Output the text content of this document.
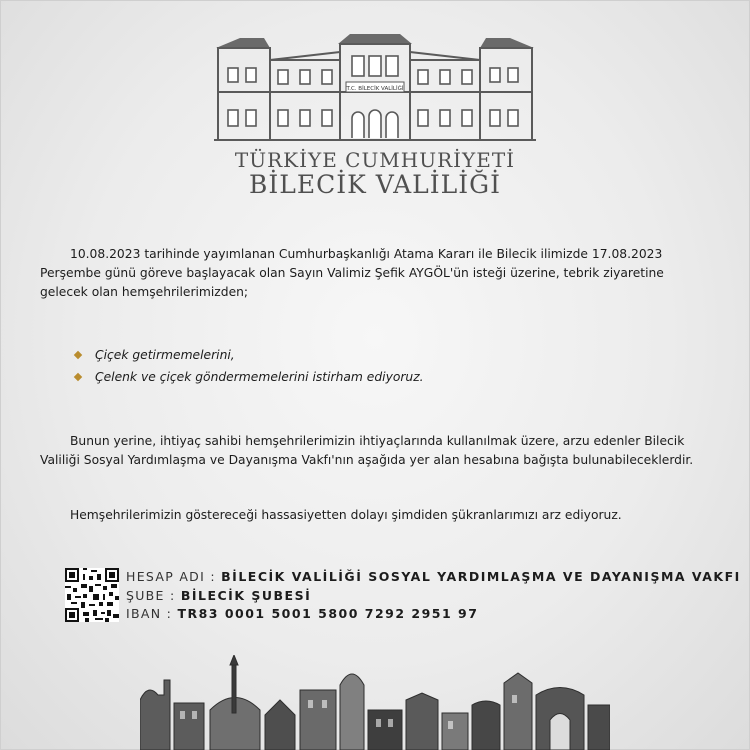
T.C. BİLECİK VALİLİĞİ
TÜRKİYE CUMHURİYETİ
BİLECİK VALİLİĞİ
10.08.2023 tarihinde yayımlanan Cumhurbaşkanlığı Atama Kararı ile Bilecik ilimizde 17.08.2023 Perşembe günü göreve başlayacak olan Sayın Valimiz Şefik AYGÖL'ün isteği üzerine, tebrik ziyaretine gelecek olan hemşehrilerimizden;
Çiçek getirmemelerini,
Çelenk ve çiçek göndermemelerini istirham ediyoruz.
Bunun yerine, ihtiyaç sahibi hemşehrilerimizin ihtiyaçlarında kullanılmak üzere, arzu edenler Bilecik Valiliği Sosyal Yardımlaşma ve Dayanışma Vakfı'nın aşağıda yer alan hesabına bağışta bulunabileceklerdir.
Hemşehrilerimizin göstereceği hassasiyetten dolayı şimdiden şükranlarımızı arz ediyoruz.
HESAP ADI : BİLECİK VALİLİĞİ SOSYAL YARDIMLAŞMA VE DAYANIŞMA VAKFI
ŞUBE : BİLECİK ŞUBESİ
IBAN : TR83 0001 5001 5800 7292 2951 97
